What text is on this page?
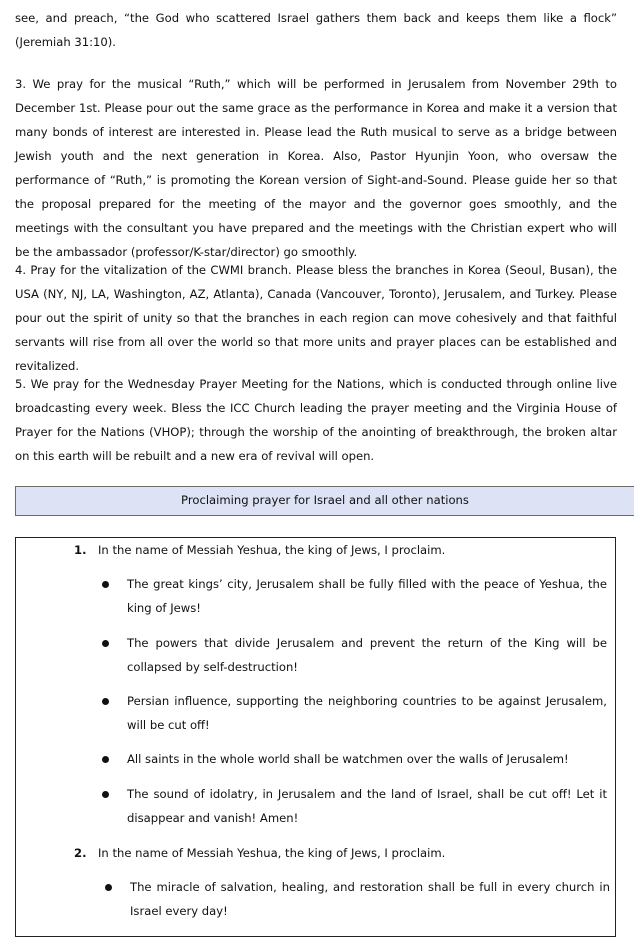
see, and preach, “the God who scattered Israel gathers them back and keeps them like a flock” (Jeremiah 31:10).

3. We pray for the musical “Ruth,” which will be performed in Jerusalem from November 29th to December 1st. Please pour out the same grace as the performance in Korea and make it a version that many bonds of interest are interested in. Please lead the Ruth musical to serve as a bridge between Jewish youth and the next generation in Korea. Also, Pastor Hyunjin Yoon, who oversaw the performance of “Ruth,” is promoting the Korean version of Sight-and-Sound. Please guide her so that the proposal prepared for the meeting of the mayor and the governor goes smoothly, and the meetings with the consultant you have prepared and the meetings with the Christian expert who will be the ambassador (professor/K-star/director) go smoothly.

4. Pray for the vitalization of the CWMI branch. Please bless the branches in Korea (Seoul, Busan), the USA (NY, NJ, LA, Washington, AZ, Atlanta), Canada (Vancouver, Toronto), Jerusalem, and Turkey. Please pour out the spirit of unity so that the branches in each region can move cohesively and that faithful servants will rise from all over the world so that more units and prayer places can be established and revitalized.

5. We pray for the Wednesday Prayer Meeting for the Nations, which is conducted through online live broadcasting every week. Bless the ICC Church leading the prayer meeting and the Virginia House of Prayer for the Nations (VHOP); through the worship of the anointing of breakthrough, the broken altar on this earth will be rebuilt and a new era of revival will open.

Proclaiming prayer for Israel and all other nations
1. In the name of Messiah Yeshua, the king of Jews, I proclaim.
The great kings’ city, Jerusalem shall be fully filled with the peace of Yeshua, the king of Jews!
The powers that divide Jerusalem and prevent the return of the King will be collapsed by self-destruction!
Persian influence, supporting the neighboring countries to be against Jerusalem, will be cut off!
All saints in the whole world shall be watchmen over the walls of Jerusalem!
The sound of idolatry, in Jerusalem and the land of Israel, shall be cut off! Let it disappear and vanish! Amen!
2. In the name of Messiah Yeshua, the king of Jews, I proclaim.
The miracle of salvation, healing, and restoration shall be full in every church in Israel every day!
